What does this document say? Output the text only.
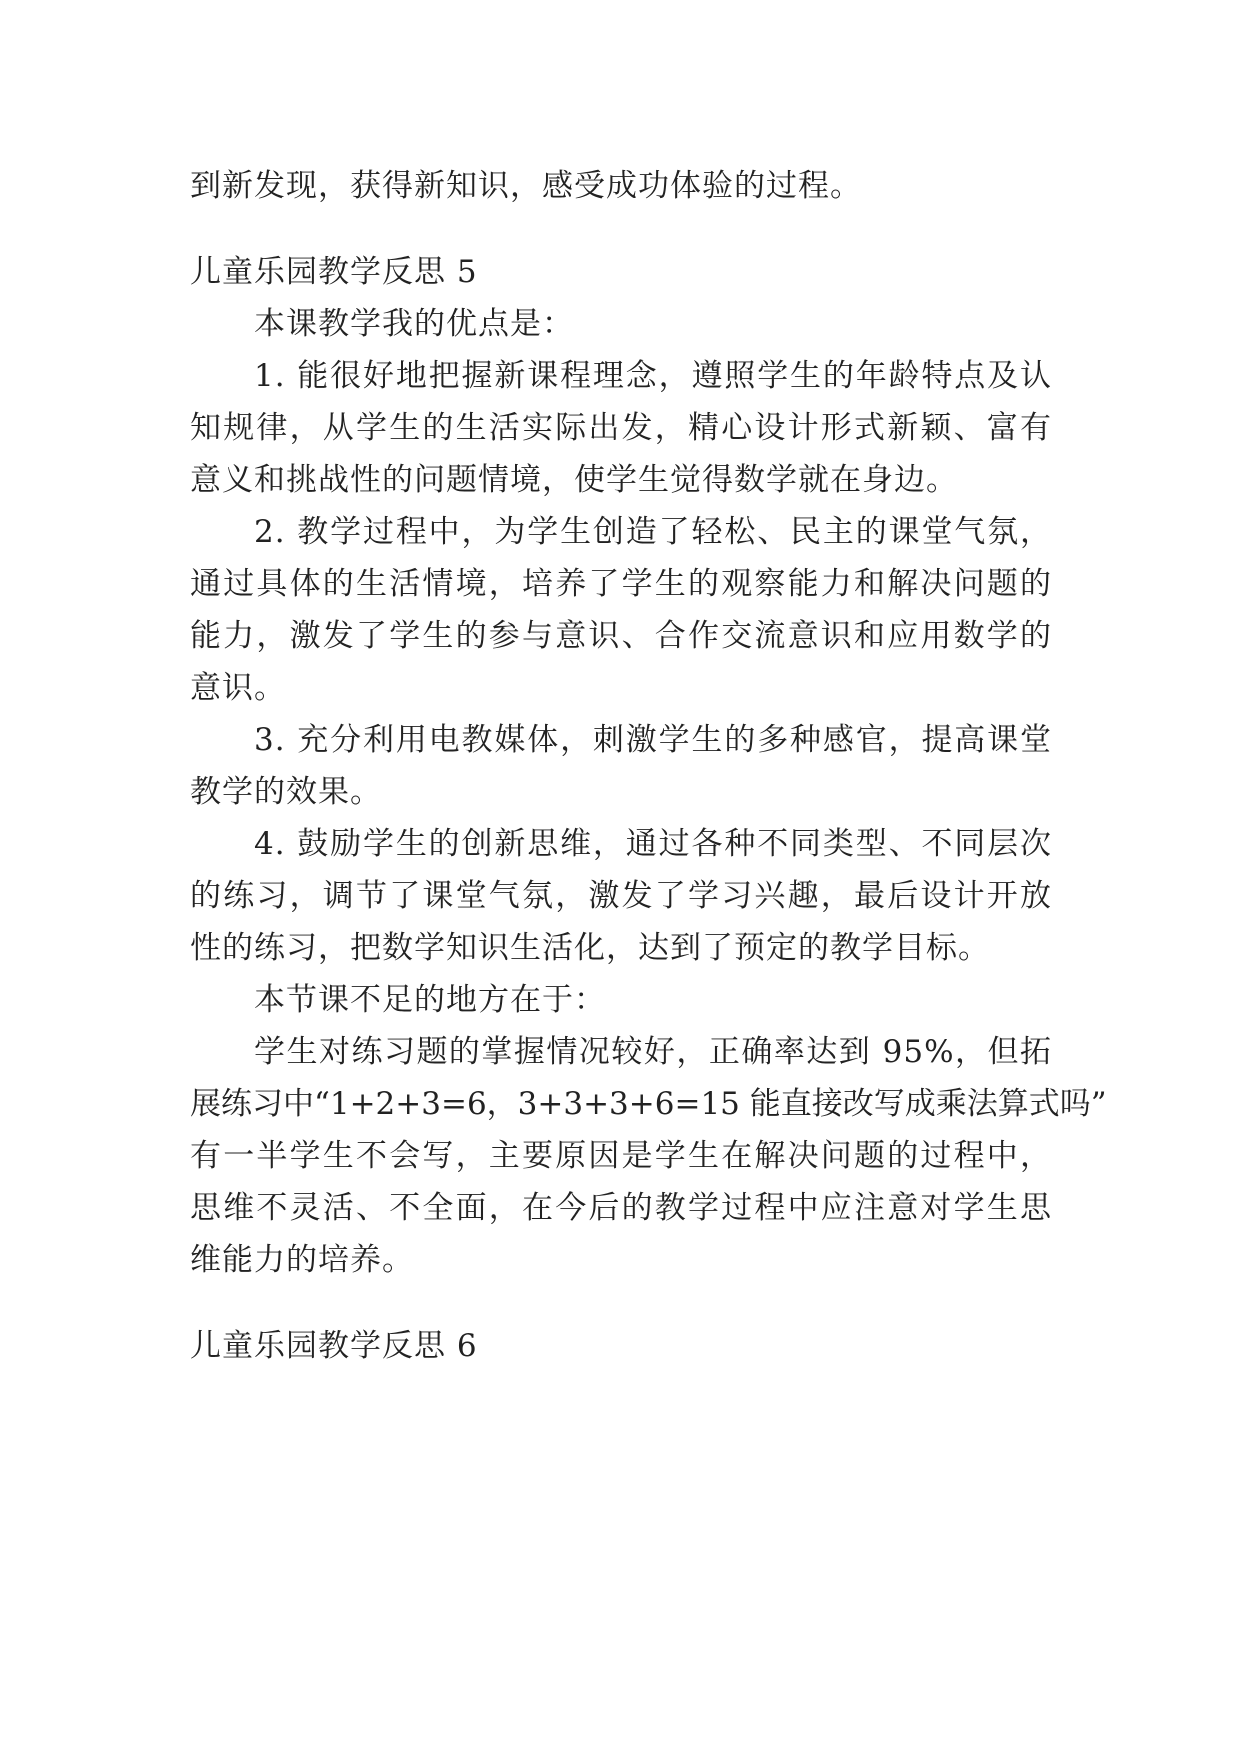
到新发现，获得新知识，感受成功体验的过程。
儿童乐园教学反思 5
本课教学我的优点是：
1. 能很好地把握新课程理念，遵照学生的年龄特点及认
知规律，从学生的生活实际出发，精心设计形式新颖、富有
意义和挑战性的问题情境，使学生觉得数学就在身边。
2. 教学过程中，为学生创造了轻松、民主的课堂气氛，
通过具体的生活情境，培养了学生的观察能力和解决问题的
能力，激发了学生的参与意识、合作交流意识和应用数学的
意识。
3. 充分利用电教媒体，刺激学生的多种感官，提高课堂
教学的效果。
4. 鼓励学生的创新思维，通过各种不同类型、不同层次
的练习，调节了课堂气氛，激发了学习兴趣，最后设计开放
性的练习，把数学知识生活化，达到了预定的教学目标。
本节课不足的地方在于：
学生对练习题的掌握情况较好，正确率达到 95%，但拓
展练习中“1+2+3=6，3+3+3+6=15 能直接改写成乘法算式吗”
有一半学生不会写，主要原因是学生在解决问题的过程中，
思维不灵活、不全面，在今后的教学过程中应注意对学生思
维能力的培养。
儿童乐园教学反思 6
